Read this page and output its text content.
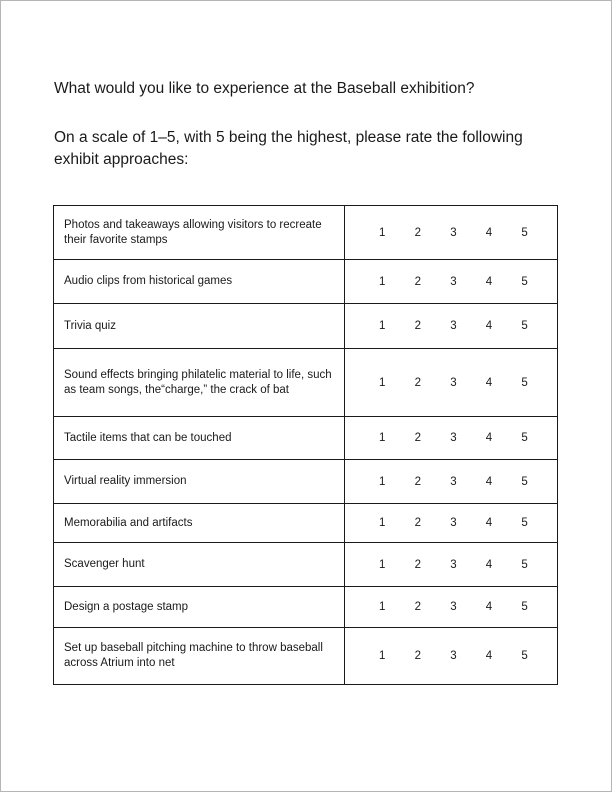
What would you like to experience at the Baseball exhibition?

On a scale of 1–5, with 5 being the highest, please rate the following exhibit approaches:

Photos and takeaways allowing visitors to recreate their favorite stamps	1 2 3 4 5

Audio clips from historical games	1 2 3 4 5

Trivia quiz	1 2 3 4 5

Sound effects bringing philatelic material to life, such as team songs, the“charge,” the crack of bat	1 2 3 4 5

Tactile items that can be touched	1 2 3 4 5

Virtual reality immersion	1 2 3 4 5

Memorabilia and artifacts	1 2 3 4 5

Scavenger hunt	1 2 3 4 5

Design a postage stamp	1 2 3 4 5

Set up baseball pitching machine to throw baseball across Atrium into net	1 2 3 4 5
